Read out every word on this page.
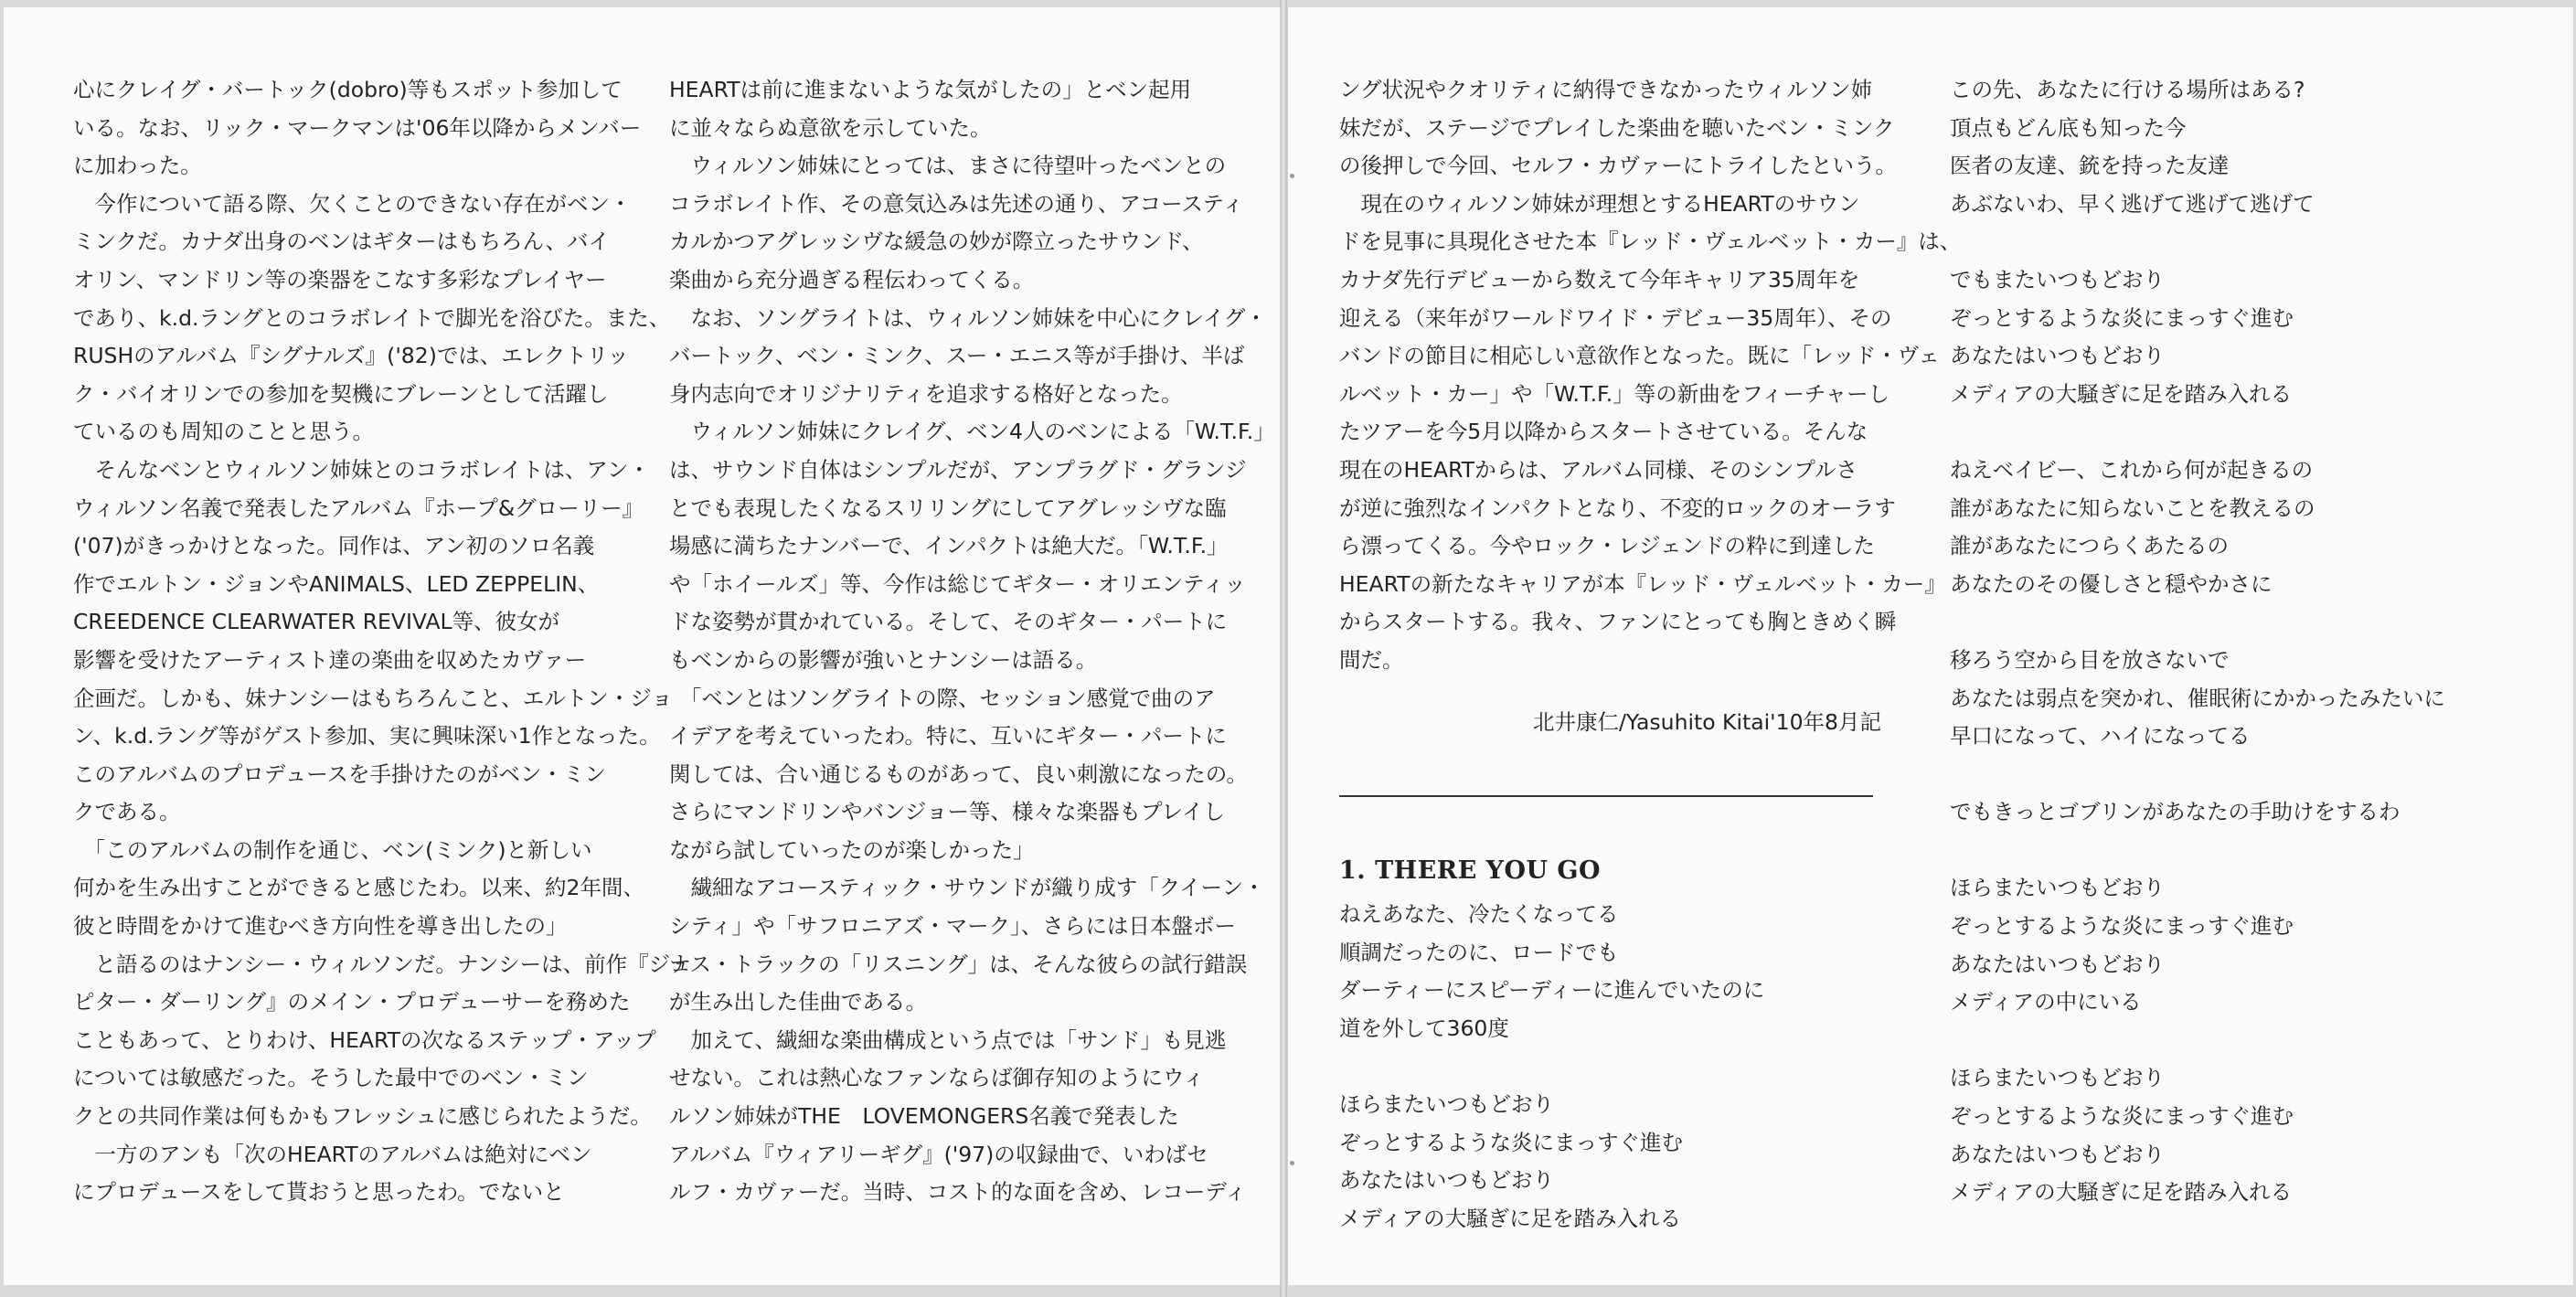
心にクレイグ・バートック(dobro)等もスポット参加して
いる。なお、リック・マークマンは'06年以降からメンバー
に加わった。
　今作について語る際、欠くことのできない存在がベン・
ミンクだ。カナダ出身のベンはギターはもちろん、バイ
オリン、マンドリン等の楽器をこなす多彩なプレイヤー
であり、k.d.ラングとのコラボレイトで脚光を浴びた。また、
RUSHのアルバム『シグナルズ』('82)では、エレクトリッ
ク・バイオリンでの参加を契機にブレーンとして活躍し
ているのも周知のことと思う。
　そんなベンとウィルソン姉妹とのコラボレイトは、アン・
ウィルソン名義で発表したアルバム『ホープ&グローリー』
('07)がきっかけとなった。同作は、アン初のソロ名義
作でエルトン・ジョンやANIMALS、LED ZEPPELIN、
CREEDENCE CLEARWATER REVIVAL等、彼女が
影響を受けたアーティスト達の楽曲を収めたカヴァー
企画だ。しかも、妹ナンシーはもちろんこと、エルトン・ジョ
ン、k.d.ラング等がゲスト参加、実に興味深い1作となった。
このアルバムのプロデュースを手掛けたのがベン・ミン
クである。
　「このアルバムの制作を通じ、ベン(ミンク)と新しい
何かを生み出すことができると感じたわ。以来、約2年間、
彼と時間をかけて進むべき方向性を導き出したの」
　と語るのはナンシー・ウィルソンだ。ナンシーは、前作『ジュ
ピター・ダーリング』のメイン・プロデューサーを務めた
こともあって、とりわけ、HEARTの次なるステップ・アップ
については敏感だった。そうした最中でのベン・ミン
クとの共同作業は何もかもフレッシュに感じられたようだ。
　一方のアンも「次のHEARTのアルバムは絶対にベン
にプロデュースをして貰おうと思ったわ。でないと
HEARTは前に進まないような気がしたの」とベン起用
に並々ならぬ意欲を示していた。
　ウィルソン姉妹にとっては、まさに待望叶ったベンとの
コラボレイト作、その意気込みは先述の通り、アコースティ
カルかつアグレッシヴな緩急の妙が際立ったサウンド、
楽曲から充分過ぎる程伝わってくる。
　なお、ソングライトは、ウィルソン姉妹を中心にクレイグ・
バートック、ベン・ミンク、スー・エニス等が手掛け、半ば
身内志向でオリジナリティを追求する格好となった。
　ウィルソン姉妹にクレイグ、ベン4人のベンによる「W.T.F.」
は、サウンド自体はシンプルだが、アンプラグド・グランジ
とでも表現したくなるスリリングにしてアグレッシヴな臨
場感に満ちたナンバーで、インパクトは絶大だ。「W.T.F.」
や「ホイールズ」等、今作は総じてギター・オリエンティッ
ドな姿勢が貫かれている。そして、そのギター・パートに
もベンからの影響が強いとナンシーは語る。
　「ベンとはソングライトの際、セッション感覚で曲のア
イデアを考えていったわ。特に、互いにギター・パートに
関しては、合い通じるものがあって、良い刺激になったの。
さらにマンドリンやバンジョー等、様々な楽器もプレイし
ながら試していったのが楽しかった」
　繊細なアコースティック・サウンドが織り成す「クイーン・
シティ」や「サフロニアズ・マーク」、さらには日本盤ボー
ナス・トラックの「リスニング」は、そんな彼らの試行錯誤
が生み出した佳曲である。
　加えて、繊細な楽曲構成という点では「サンド」も見逃
せない。これは熱心なファンならば御存知のようにウィ
ルソン姉妹がTHE　LOVEMONGERS名義で発表した
アルバム『ウィアリーギグ』('97)の収録曲で、いわばセ
ルフ・カヴァーだ。当時、コスト的な面を含め、レコーディ
ング状況やクオリティに納得できなかったウィルソン姉
妹だが、ステージでプレイした楽曲を聴いたベン・ミンク
の後押しで今回、セルフ・カヴァーにトライしたという。
　現在のウィルソン姉妹が理想とするHEARTのサウン
ドを見事に具現化させた本『レッド・ヴェルベット・カー』は、
カナダ先行デビューから数えて今年キャリア35周年を
迎える（来年がワールドワイド・デビュー35周年）、その
バンドの節目に相応しい意欲作となった。既に「レッド・ヴェ
ルベット・カー」や「W.T.F.」等の新曲をフィーチャーし
たツアーを今5月以降からスタートさせている。そんな
現在のHEARTからは、アルバム同様、そのシンプルさ
が逆に強烈なインパクトとなり、不変的ロックのオーラす
ら漂ってくる。今やロック・レジェンドの粋に到達した
HEARTの新たなキャリアが本『レッド・ヴェルベット・カー』
からスタートする。我々、ファンにとっても胸ときめく瞬
間だ。
北井康仁/Yasuhito Kitai'10年8月記
1. THERE YOU GO
ねえあなた、冷たくなってる
順調だったのに、ロードでも
ダーティーにスピーディーに進んでいたのに
道を外して360度
ほらまたいつもどおり
ぞっとするような炎にまっすぐ進む
あなたはいつもどおり
メディアの大騒ぎに足を踏み入れる
この先、あなたに行ける場所はある?
頂点もどん底も知った今
医者の友達、銃を持った友達
あぶないわ、早く逃げて逃げて逃げて
でもまたいつもどおり
ぞっとするような炎にまっすぐ進む
あなたはいつもどおり
メディアの大騒ぎに足を踏み入れる
ねえベイビー、これから何が起きるの
誰があなたに知らないことを教えるの
誰があなたにつらくあたるの
あなたのその優しさと穏やかさに
移ろう空から目を放さないで
あなたは弱点を突かれ、催眠術にかかったみたいに
早口になって、ハイになってる
でもきっとゴブリンがあなたの手助けをするわ
ほらまたいつもどおり
ぞっとするような炎にまっすぐ進む
あなたはいつもどおり
メディアの中にいる
ほらまたいつもどおり
ぞっとするような炎にまっすぐ進む
あなたはいつもどおり
メディアの大騒ぎに足を踏み入れる
